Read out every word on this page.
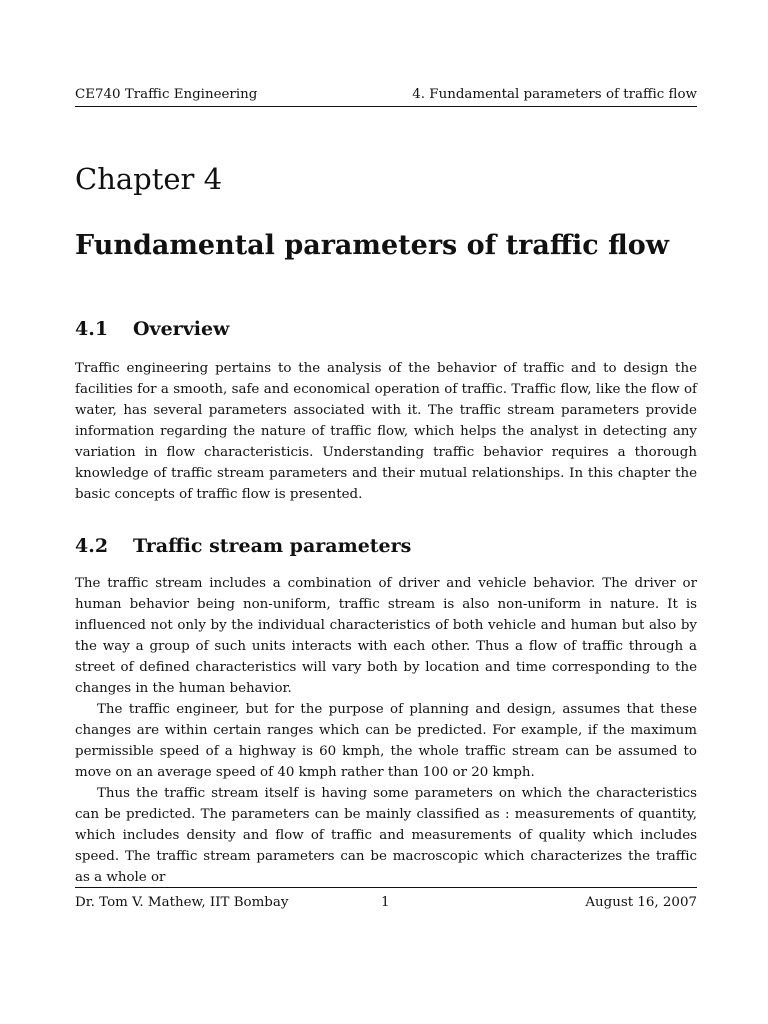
CE740 Traffic Engineering	4. Fundamental parameters of traffic flow
Chapter 4
Fundamental parameters of traffic flow
4.1	Overview

Traffic engineering pertains to the analysis of the behavior of traffic and to design the facilities for a smooth, safe and economical operation of traffic. Traffic flow, like the flow of water, has several parameters associated with it. The traffic stream parameters provide information regarding the nature of traffic flow, which helps the analyst in detecting any variation in flow characteristicis. Understanding traffic behavior requires a thorough knowledge of traffic stream parameters and their mutual relationships. In this chapter the basic concepts of traffic flow is presented.

4.2	Traffic stream parameters

The traffic stream includes a combination of driver and vehicle behavior. The driver or human behavior being non-uniform, traffic stream is also non-uniform in nature. It is influenced not only by the individual characteristics of both vehicle and human but also by the way a group of such units interacts with each other. Thus a flow of traffic through a street of defined characteristics will vary both by location and time corresponding to the changes in the human behavior.

The traffic engineer, but for the purpose of planning and design, assumes that these changes are within certain ranges which can be predicted. For example, if the maximum permissible speed of a highway is 60 kmph, the whole traffic stream can be assumed to move on an average speed of 40 kmph rather than 100 or 20 kmph.

Thus the traffic stream itself is having some parameters on which the characteristics can be predicted. The parameters can be mainly classified as : measurements of quantity, which includes density and flow of traffic and measurements of quality which includes speed. The traffic stream parameters can be macroscopic which characterizes the traffic as a whole or

Dr. Tom V. Mathew, IIT Bombay	1	August 16, 2007
